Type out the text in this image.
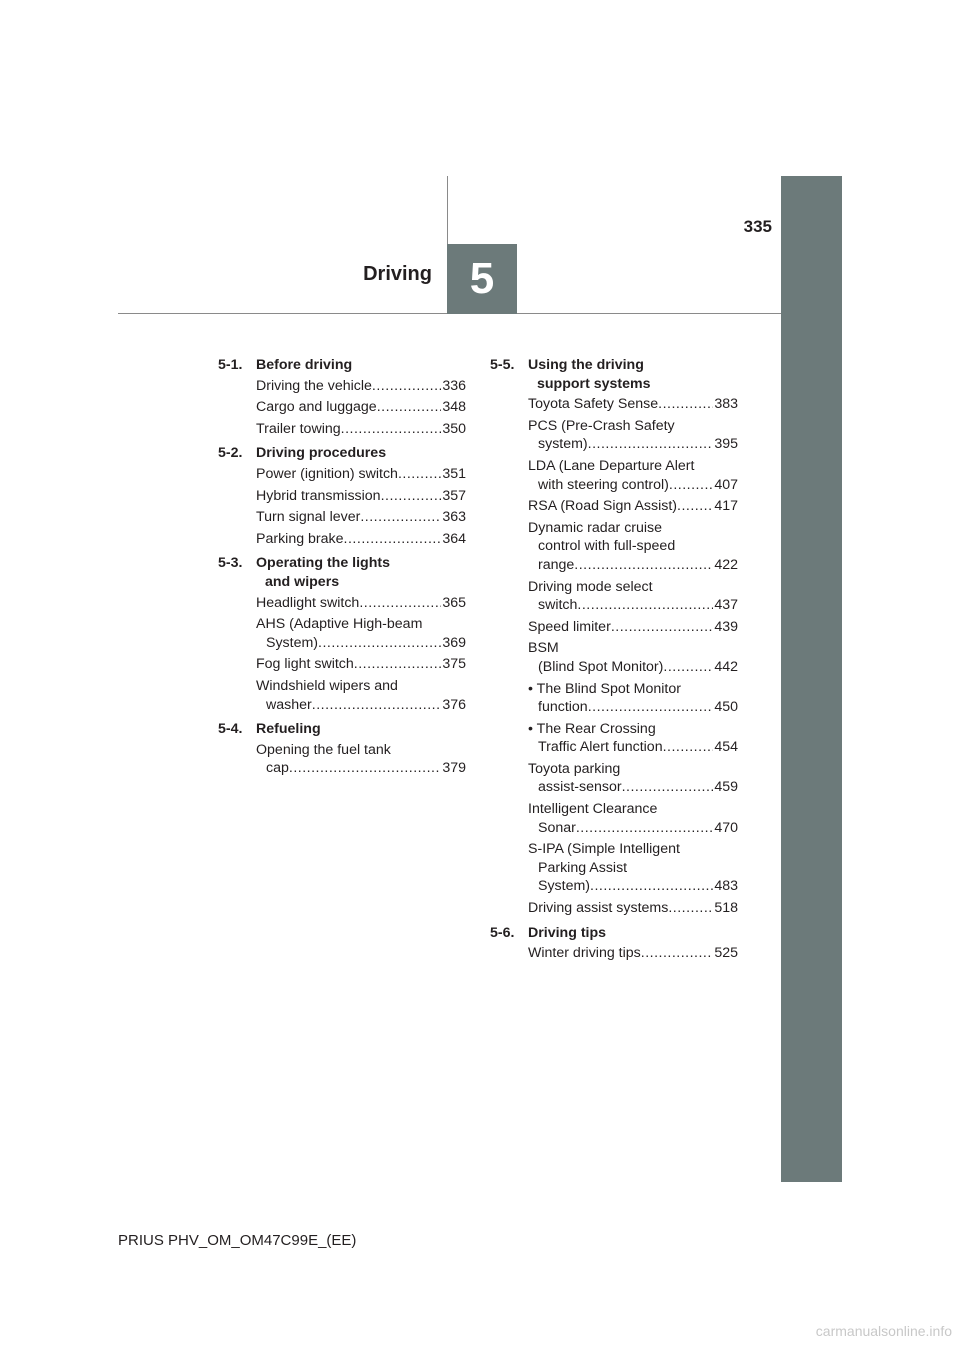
5
Driving
335
5-1. Before driving
Driving the vehicle .....	336
Cargo and luggage .....	348
Trailer towing .....	350
5-2. Driving procedures
Power (ignition) switch .....	351
Hybrid transmission .....	357
Turn signal lever .....	363
Parking brake .....	364
5-3. Operating the lights
and wipers
Headlight switch .....	365
AHS (Adaptive High-beam
System) .....	369
Fog light switch .....	375
Windshield wipers and
washer .....	376
5-4. Refueling
Opening the fuel tank
cap .....	379
5-5. Using the driving
support systems
Toyota Safety Sense .....	383
PCS (Pre-Crash Safety
system) .....	395
LDA (Lane Departure Alert
with steering control) .....	407
RSA (Road Sign Assist) .....	417
Dynamic radar cruise
control with full-speed
range .....	422
Driving mode select
switch .....	437
Speed limiter .....	439
BSM
(Blind Spot Monitor) .....	442
• The Blind Spot Monitor
function .....	450
• The Rear Crossing
Traffic Alert function .....	454
Toyota parking
assist-sensor .....	459
Intelligent Clearance
Sonar .....	470
S-IPA (Simple Intelligent
Parking Assist
System) .....	483
Driving assist systems .....	518
5-6. Driving tips
Winter driving tips .....	525
PRIUS PHV_OM_OM47C99E_(EE)
carmanualsonline.info
